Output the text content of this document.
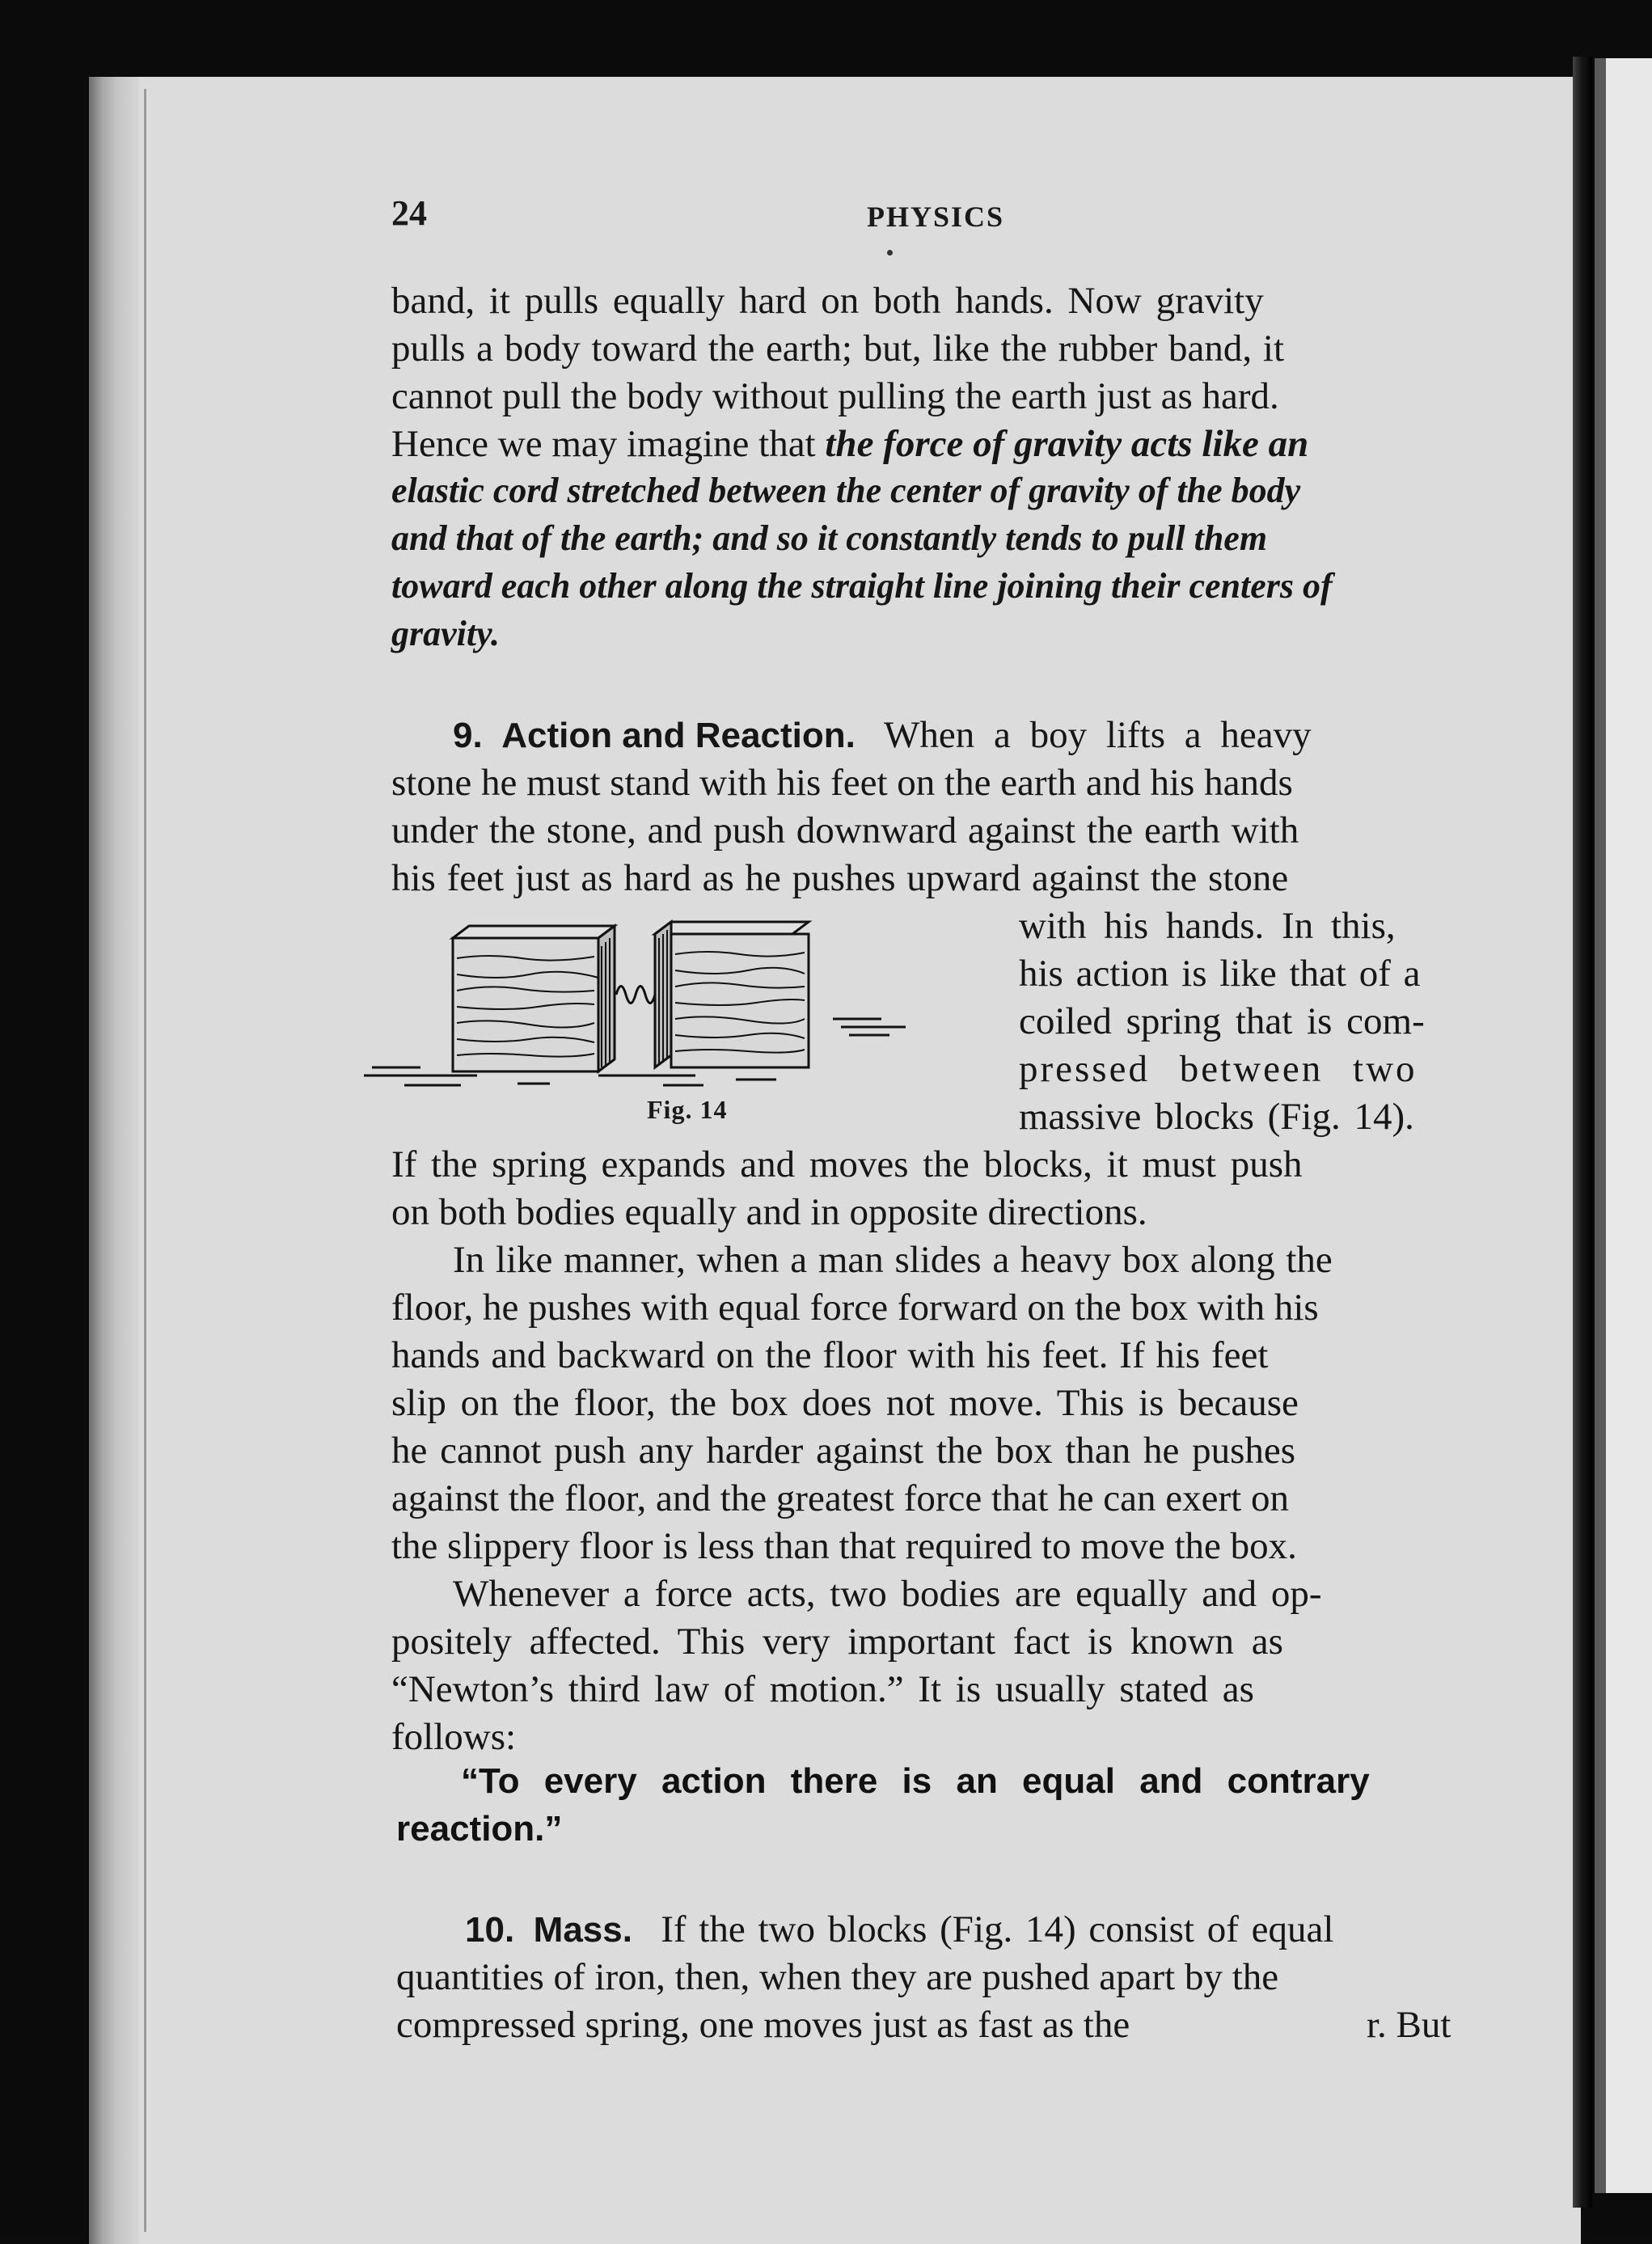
24	PHYSICS

band, it pulls equally hard on both hands. Now gravity

pulls a body toward the earth; but, like the rubber band, it

cannot pull the body without pulling the earth just as hard.

Hence we may imagine that the force of gravity acts like an

elastic cord stretched between the center of gravity of the body

and that of the earth; and so it constantly tends to pull them

toward each other along the straight line joining their centers of

gravity.

9. Action and Reaction. When a boy lifts a heavy

stone he must stand with his feet on the earth and his hands

under the stone, and push downward against the earth with

his feet just as hard as he pushes upward against the stone

with his hands. In this,

his action is like that of a

coiled spring that is com-

pressed between two

massive blocks (Fig. 14).

If the spring expands and moves the blocks, it must push

on both bodies equally and in opposite directions.

Fig. 14

In like manner, when a man slides a heavy box along the

floor, he pushes with equal force forward on the box with his

hands and backward on the floor with his feet. If his feet

slip on the floor, the box does not move. This is because

he cannot push any harder against the box than he pushes

against the floor, and the greatest force that he can exert on

the slippery floor is less than that required to move the box.

Whenever a force acts, two bodies are equally and op-

positely affected. This very important fact is known as

“Newton’s third law of motion.” It is usually stated as

follows:

“To every action there is an equal and contrary
reaction.”

10. Mass. If the two blocks (Fig. 14) consist of equal

quantities of iron, then, when they are pushed apart by the

compressed spring, one moves just as fast as the	r. But
